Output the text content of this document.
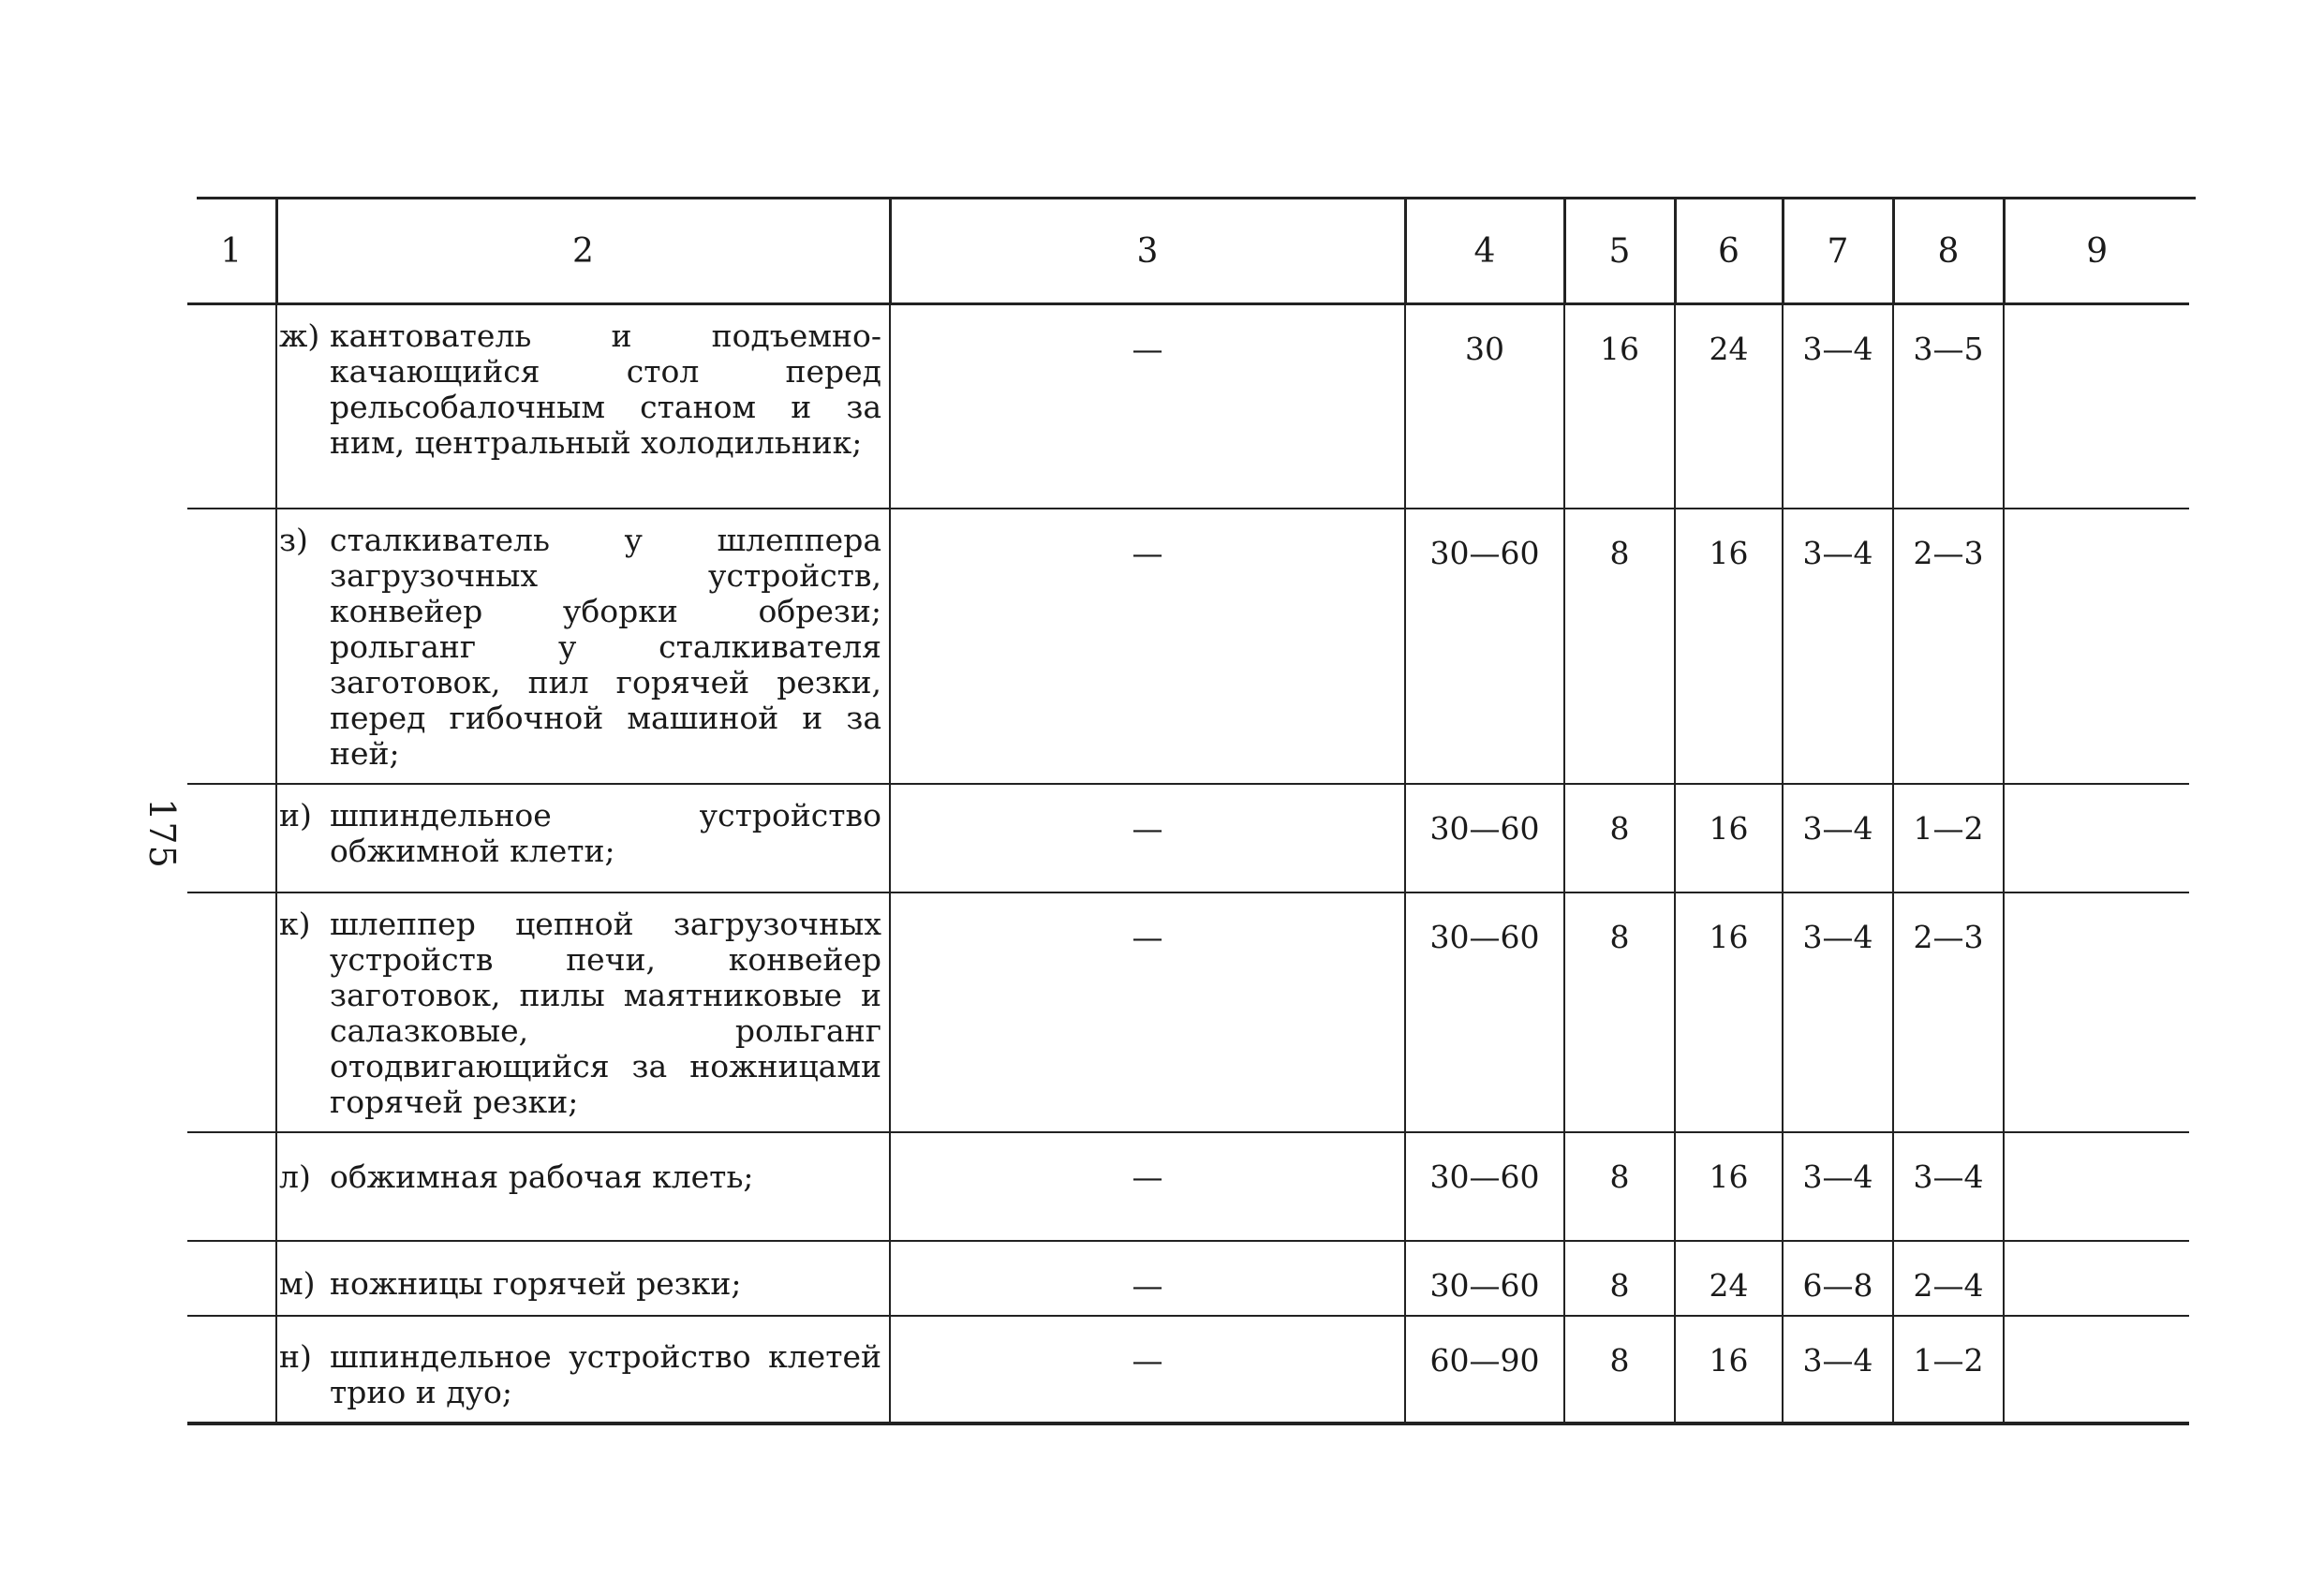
175
1	2	3	4	5	6	7	8	9

	ж) кантователь и подъемно-качающийся стол перед рельсобалочным станом и за ним, центральный холодильник;	—	30	16	24	3—4	3—5	

	з) сталкиватель у шлеппера загрузочных устройств, конвейер уборки обрези; рольганг у сталкивателя заготовок, пил горячей резки, перед гибочной машиной и за ней;	—	30—60	8	16	3—4	2—3	

	и) шпиндельное устройство обжимной клети;	—	30—60	8	16	3—4	1—2	

	к) шлеппер цепной загрузочных устройств печи, конвейер заготовок, пилы маятниковые и салазковые, рольганг отодвигающийся за ножницами горячей резки;	—	30—60	8	16	3—4	2—3	

	л) обжимная рабочая клеть;	—	30—60	8	16	3—4	3—4	

	м) ножницы горячей резки;	—	30—60	8	24	6—8	2—4	

	н) шпиндельное устройство клетей трио и дуо;	—	60—90	8	16	3—4	1—2	
